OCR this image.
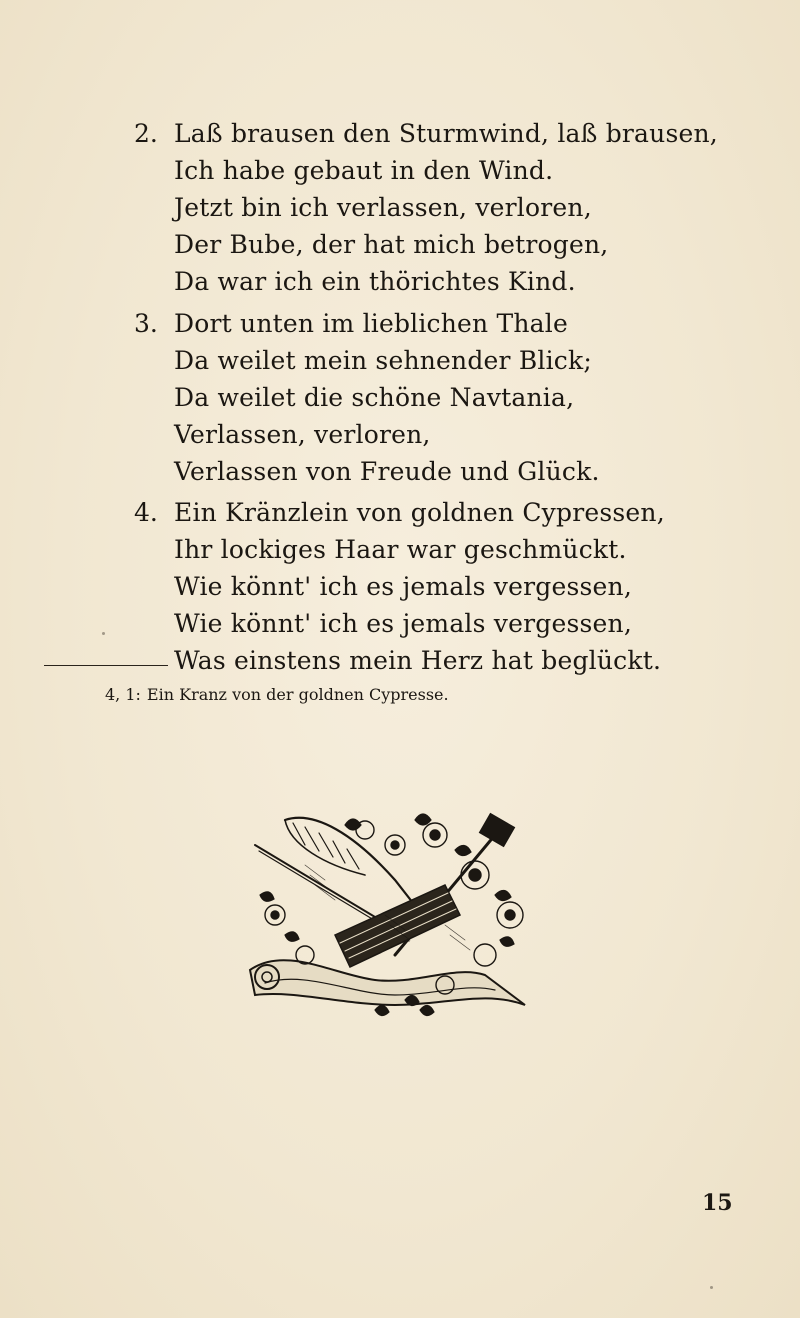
2. Laß brausen den Sturmwind, laß brausen,
Ich habe gebaut in den Wind.
Jetzt bin ich verlassen, verloren,
Der Bube, der hat mich betrogen,
Da war ich ein thörichtes Kind.
3. Dort unten im lieblichen Thale
Da weilet mein sehnender Blick;
Da weilet die schöne Navtania,
Verlassen, verloren,
Verlassen von Freude und Glück.
4. Ein Kränzlein von goldnen Cypressen,
Ihr lockiges Haar war geschmückt.
Wie könnt' ich es jemals vergessen,
Wie könnt' ich es jemals vergessen,
Was einstens mein Herz hat beglückt.
4, 1: Ein Kranz von der goldnen Cypresse.
15
